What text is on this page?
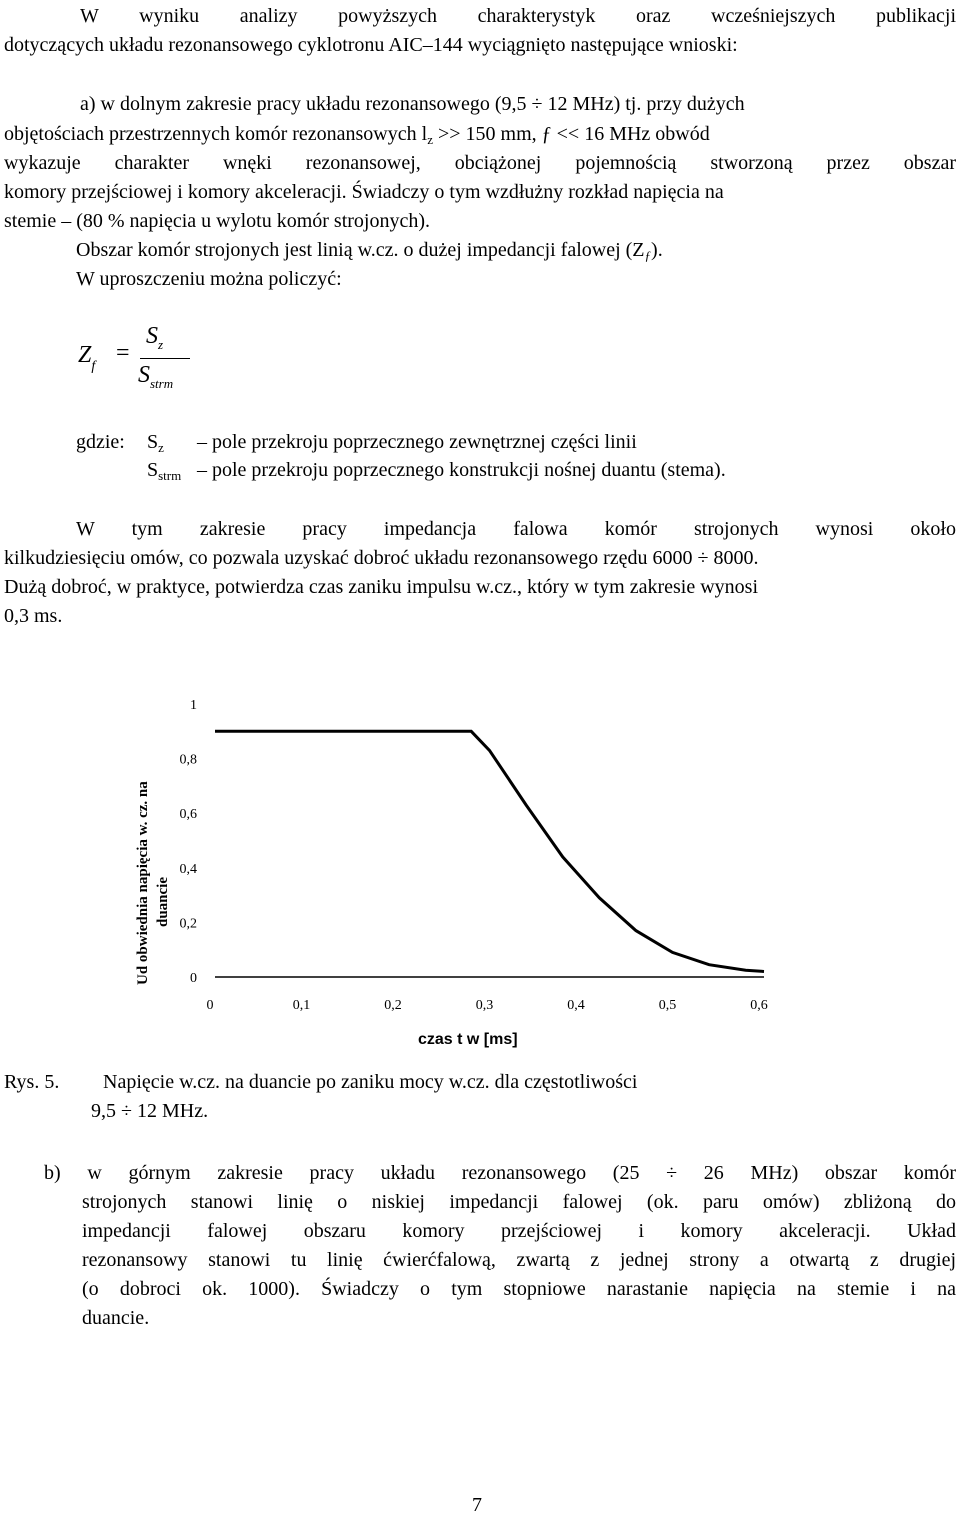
W wyniku analizy powyższych charakterystyk oraz wcześniejszych publikacji
dotyczących układu rezonansowego cyklotronu AIC–144 wyciągnięto następujące wnioski:
a) w dolnym zakresie pracy układu rezonansowego (9,5 ÷ 12 MHz) tj. przy dużych
objętościach przestrzennych komór rezonansowych $l_z >> 150$ mm, ƒ << 16 MHz obwód
wykazuje charakter wnęki rezonansowej, obciążonej pojemnością stworzoną przez obszar
komory przejściowej i komory akceleracji. Świadczy o tym wzdłużny rozkład napięcia na
stemie – (80 % napięcia u wylotu komór strojonych).
Obszar komór strojonych jest linią w.cz. o dużej impedancji falowej $(Z_ƒ)$.
W uproszczeniu można policzyć:
$Z_f$
=
$S_z$
$S_{strm}$
gdzie: $S_z$ – pole przekroju poprzecznego zewnętrznej części linii
$S_{strm}$ – pole przekroju poprzecznego konstrukcji nośnej duantu (stema).
W tym zakresie pracy impedancja falowa komór strojonych wynosi około
kilkudziesięciu omów, co pozwala uzyskać dobroć układu rezonansowego rzędu 6000 ÷ 8000.
Dużą dobroć, w praktyce, potwierdza czas zaniku impulsu w.cz., który w tym zakresie wynosi
0,3 ms.
1
0,8
0,6
0,4
0,2
0
0	0,1	0,2	0,3	0,4	0,5	0,6
Ud obwiednia napięcia w. cz. na duancie
czas t w [ms]
Rys. 5. Napięcie w.cz. na duancie po zaniku mocy w.cz. dla częstotliwości
9,5 ÷ 12 MHz.
b) w górnym zakresie pracy układu rezonansowego (25 ÷ 26 MHz) obszar komór
strojonych stanowi linię o niskiej impedancji falowej (ok. paru omów) zbliżoną do
impedancji falowej obszaru komory przejściowej i komory akceleracji. Układ
rezonansowy stanowi tu linię ćwierćfalową, zwartą z jednej strony a otwartą z drugiej
(o dobroci ok. 1000). Świadczy o tym stopniowe narastanie napięcia na stemie i na
duancie.
7
